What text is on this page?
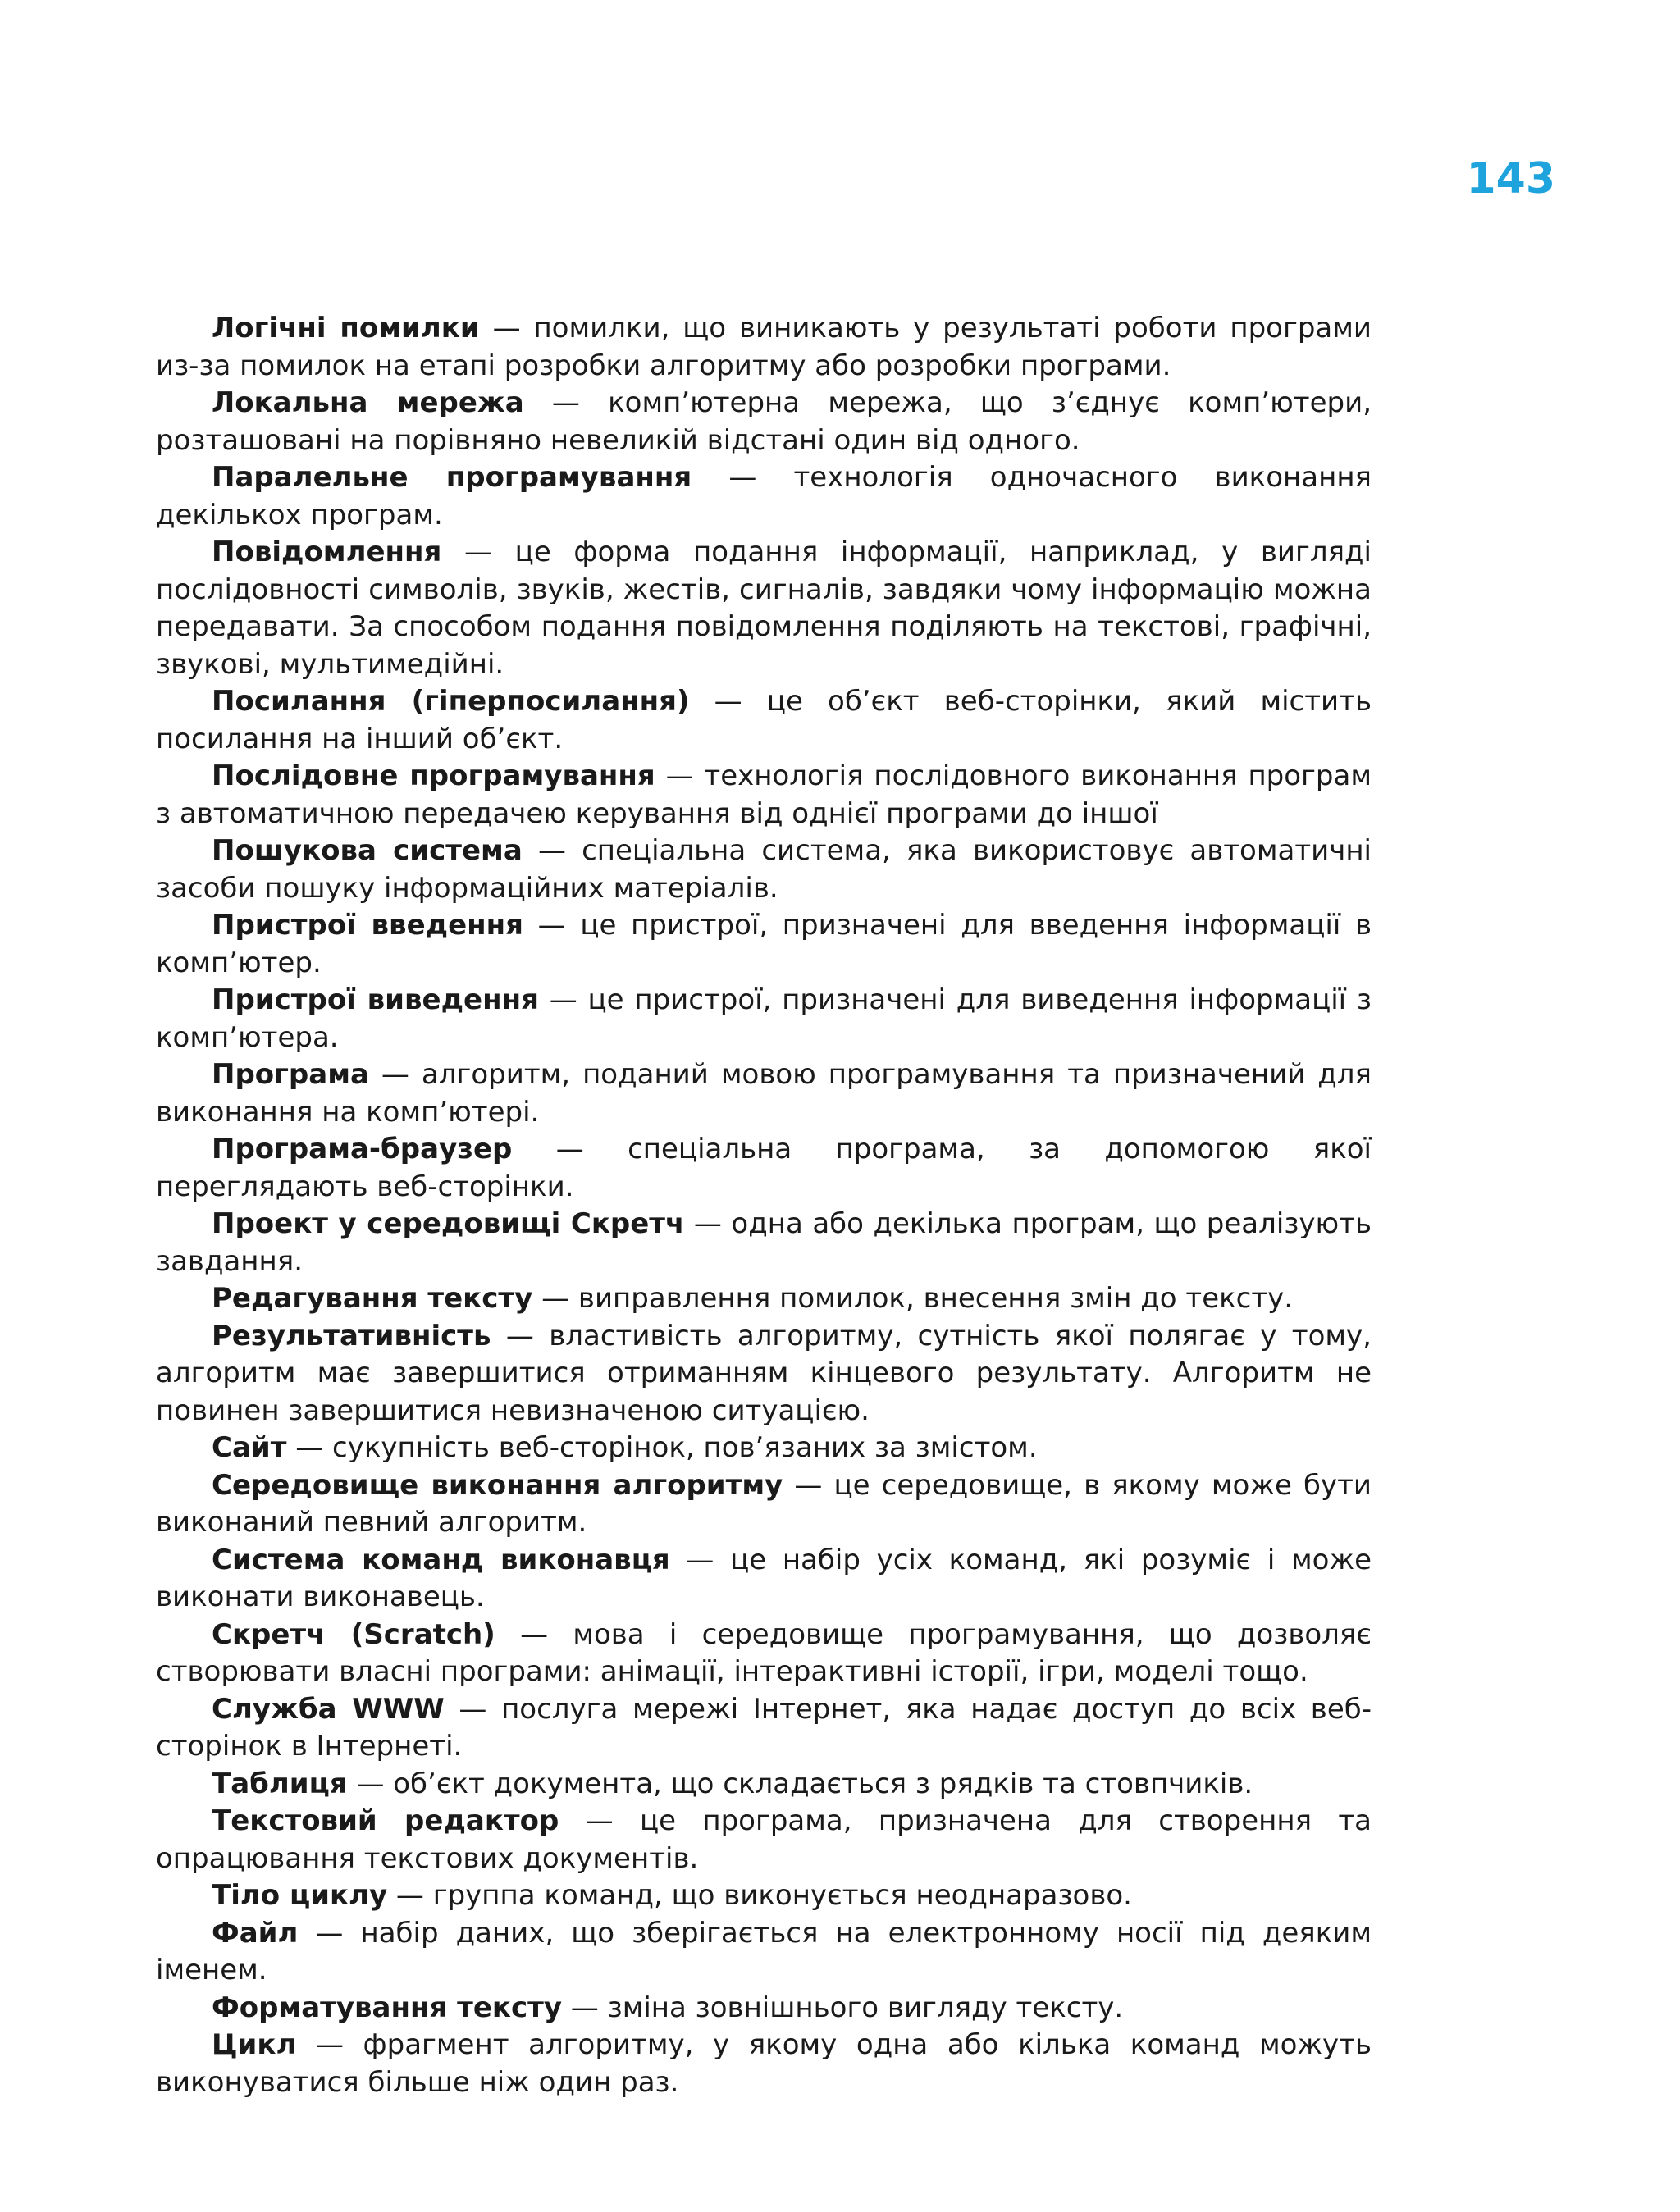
143

Логічні помилки — помилки, що виникають у результаті роботи програми из-за помилок на етапі розробки алгоритму або розробки програми.

Локальна мережа — комп’ютерна мережа, що з’єднує комп’ютери, розташовані на порівняно невеликій відстані один від одного.

Паралельне програмування — технологія одночасного виконання декількох програм.

Повідомлення — це форма подання інформації, наприклад, у вигляді послідовності символів, звуків, жестів, сигналів, завдяки чому інформацію можна передавати. За способом подання повідомлення поділяють на текстові, графічні, звукові, мультимедійні.

Посилання (гіперпосилання) — це об’єкт веб-сторінки, який містить посилання на інший об’єкт.

Послідовне програмування — технологія послідовного виконання програм з автоматичною передачею керування від однієї програми до іншої

Пошукова система — спеціальна система, яка використовує автоматичні засоби пошуку інформаційних матеріалів.

Пристрої введення — це пристрої, призначені для введення інформації в комп’ютер.

Пристрої виведення — це пристрої, призначені для виведення інформації з комп’ютера.

Програма — алгоритм, поданий мовою програмування та призначений для виконання на комп’ютері.

Програма-браузер — спеціальна програма, за допомогою якої переглядають веб-сторінки.

Проект у середовищі Скретч — одна або декілька програм, що реалізують завдання.

Редагування тексту — виправлення помилок, внесення змін до тексту.

Результативність — властивість алгоритму, сутність якої полягає у тому, алгоритм має завершитися отриманням кінцевого результату. Алгоритм не повинен завершитися невизначеною ситуацією.

Сайт — сукупність веб-сторінок, пов’язаних за змістом.

Середовище виконання алгоритму — це середовище, в якому може бути виконаний певний алгоритм.

Система команд виконавця — це набір усіх команд, які розуміє і може виконати виконавець.

Скретч (Scratch) — мова і середовище програмування, що дозволяє створювати власні програми: анімації, інтерактивні історії, ігри, моделі тощо.

Служба WWW — послуга мережі Інтернет, яка надає доступ до всіх веб-сторінок в Інтернеті.

Таблиця — об’єкт документа, що складається з рядків та стовпчиків.

Текстовий редактор — це програма, призначена для створення та опрацювання текстових документів.

Тіло циклу — группа команд, що виконується неоднаразово.

Файл — набір даних, що зберігається на електронному носії під деяким іменем.

Форматування тексту — зміна зовнішнього вигляду тексту.

Цикл — фрагмент алгоритму, у якому одна або кілька команд можуть виконуватися більше ніж один раз.
